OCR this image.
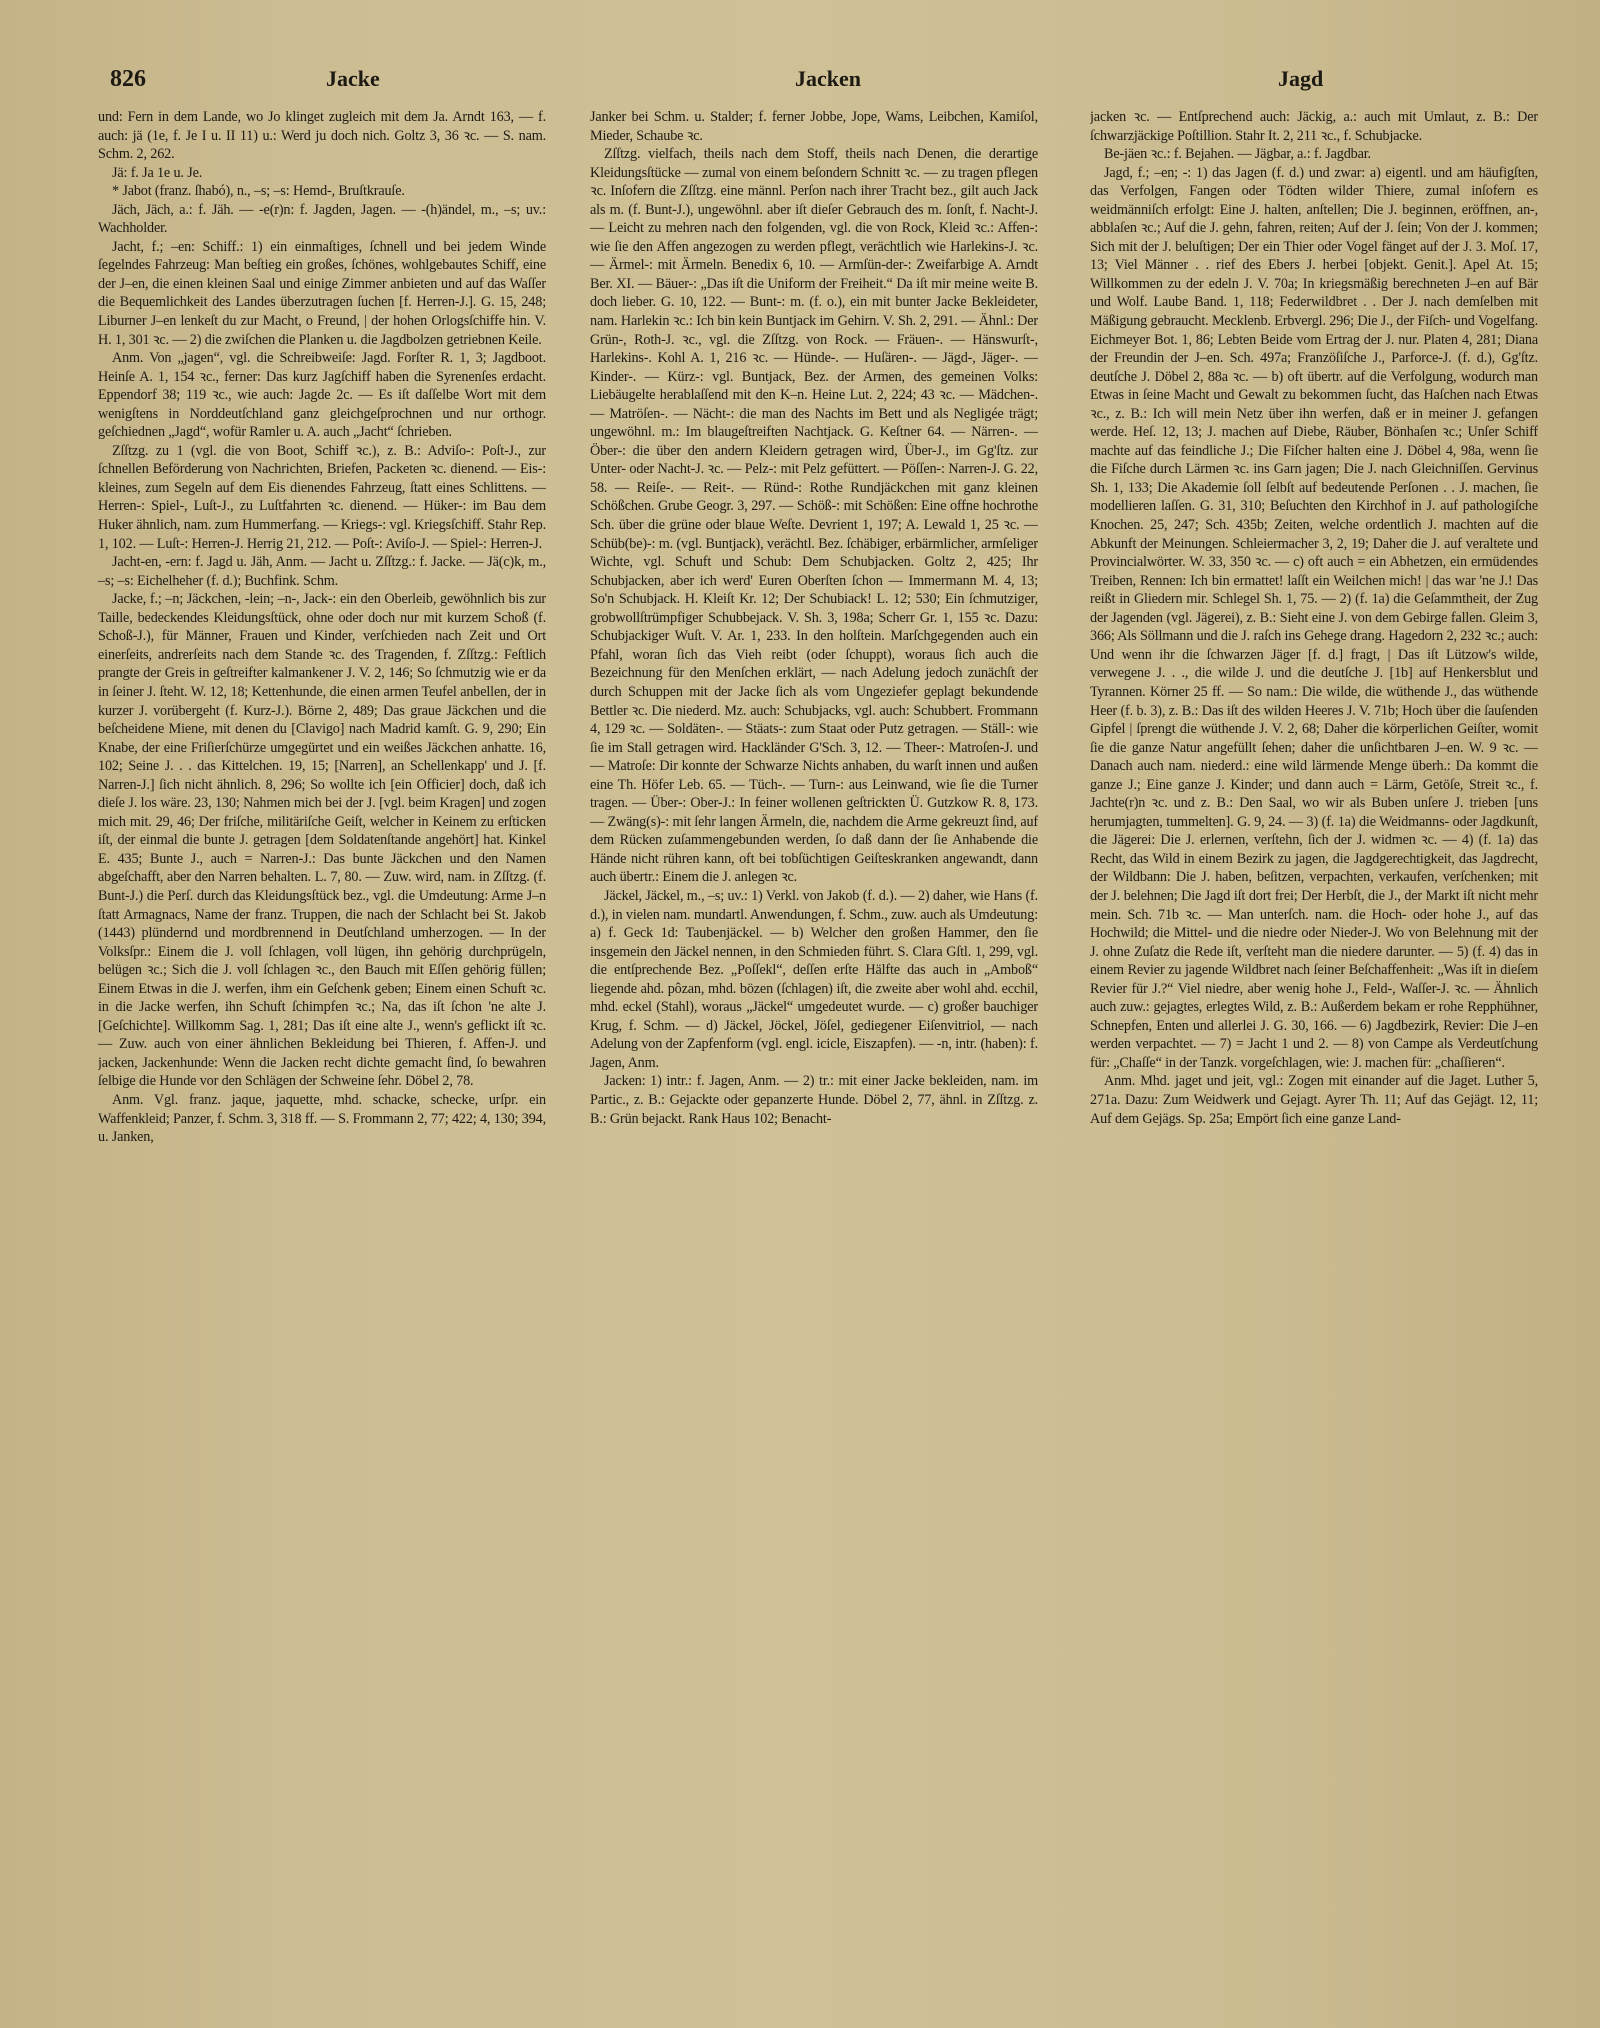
826	Jacke	Jacken	Jagd

und: Fern in dem Lande, wo Jo klinget zugleich mit dem Ja. Arndt 163, — f. auch: jä (1e, f. Je I u. II 11) u.: Werd ju doch nich. Goltz 3, 36 ꝛc. — S. nam. Schm. 2, 262.

Jä: f. Ja 1e u. Je.

* Jabot (franz. ſhabó), n., –s; –s: Hemd-, Bruſtkrauſe.

Jäch, Jäch, a.: f. Jäh. — -e(r)n: f. Jagden, Jagen. — -(h)ändel, m., –s; uv.: Wachholder.

Jacht, f.; –en: Schiff.: 1) ein einmaſtiges, ſchnell und bei jedem Winde ſegelndes Fahrzeug: Man beſtieg ein großes, ſchönes, wohlgebautes Schiff, eine der J–en, die einen kleinen Saal und einige Zimmer anbieten und auf das Waſſer die Bequemlichkeit des Landes überzutragen ſuchen [f. Herren-J.]. G. 15, 248; Liburner J–en lenkeſt du zur Macht, o Freund, | der hohen Orlogsſchiffe hin. V. H. 1, 301 ꝛc. — 2) die zwiſchen die Planken u. die Jagdbolzen getriebnen Keile.

Anm. Von „jagen“, vgl. die Schreibweiſe: Jagd. Forſter R. 1, 3; Jagdboot. Heinſe A. 1, 154 ꝛc., ferner: Das kurz Jagſchiff haben die Syrenenſes erdacht. Eppendorf 38; 119 ꝛc., wie auch: Jagde 2c. — Es iſt daſſelbe Wort mit dem wenigſtens in Norddeutſchland ganz gleichgeſprochnen und nur orthogr. geſchiednen „Jagd“, wofür Ramler u. A. auch „Jacht“ ſchrieben.

Zſſtzg. zu 1 (vgl. die von Boot, Schiff ꝛc.), z. B.: Adviſo-: Poſt-J., zur ſchnellen Beförderung von Nachrichten, Briefen, Packeten ꝛc. dienend. — Eis-: kleines, zum Segeln auf dem Eis dienendes Fahrzeug, ſtatt eines Schlittens. — Herren-: Spiel-, Luſt-J., zu Luſtfahrten ꝛc. dienend. — Hüker-: im Bau dem Huker ähnlich, nam. zum Hummerfang. — Kriegs-: vgl. Kriegsſchiff. Stahr Rep. 1, 102. — Luſt-: Herren-J. Herrig 21, 212. — Poſt-: Aviſo-J. — Spiel-: Herren-J.

Jacht-en, -ern: f. Jagd u. Jäh, Anm. — Jacht u. Zſſtzg.: f. Jacke. — Jä(c)k, m., –s; –s: Eichelheher (f. d.); Buchfink. Schm.

Jacke, f.; –n; Jäckchen, -lein; –n-, Jack-: ein den Oberleib, gewöhnlich bis zur Taille, bedeckendes Kleidungsſtück, ohne oder doch nur mit kurzem Schoß (f. Schoß-J.), für Männer, Frauen und Kinder, verſchieden nach Zeit und Ort einerſeits, andrerſeits nach dem Stande ꝛc. des Tragenden, f. Zſſtzg.: Feſtlich prangte der Greis in geſtreifter kalmankener J. V. 2, 146; So ſchmutzig wie er da in ſeiner J. ſteht. W. 12, 18; Kettenhunde, die einen armen Teufel anbellen, der in kurzer J. vorübergeht (f. Kurz-J.). Börne 2, 489; Das graue Jäckchen und die beſcheidene Miene, mit denen du [Clavigo] nach Madrid kamſt. G. 9, 290; Ein Knabe, der eine Friſierſchürze umgegürtet und ein weißes Jäckchen anhatte. 16, 102; Seine J. . . das Kittelchen. 19, 15; [Narren], an Schellenkapp' und J. [f. Narren-J.] ſich nicht ähnlich. 8, 296; So wollte ich [ein Officier] doch, daß ich dieſe J. los wäre. 23, 130; Nahmen mich bei der J. [vgl. beim Kragen] und zogen mich mit. 29, 46; Der friſche, militäriſche Geiſt, welcher in Keinem zu erſticken iſt, der einmal die bunte J. getragen [dem Soldatenſtande angehört] hat. Kinkel E. 435; Bunte J., auch = Narren-J.: Das bunte Jäckchen und den Namen abgeſchafft, aber den Narren behalten. L. 7, 80. — Zuw. wird, nam. in Zſſtzg. (f. Bunt-J.) die Perſ. durch das Kleidungsſtück bez., vgl. die Umdeutung: Arme J–n ſtatt Armagnacs, Name der franz. Truppen, die nach der Schlacht bei St. Jakob (1443) plündernd und mordbrennend in Deutſchland umherzogen. — In der Volksſpr.: Einem die J. voll ſchlagen, voll lügen, ihn gehörig durchprügeln, belügen ꝛc.; Sich die J. voll ſchlagen ꝛc., den Bauch mit Eſſen gehörig füllen; Einem Etwas in die J. werfen, ihm ein Geſchenk geben; Einem einen Schuft ꝛc. in die Jacke werfen, ihn Schuft ſchimpfen ꝛc.; Na, das iſt ſchon 'ne alte J. [Geſchichte]. Willkomm Sag. 1, 281; Das iſt eine alte J., wenn's geflickt iſt ꝛc. — Zuw. auch von einer ähnlichen Bekleidung bei Thieren, f. Affen-J. und jacken, Jackenhunde: Wenn die Jacken recht dichte gemacht ſind, ſo bewahren ſelbige die Hunde vor den Schlägen der Schweine ſehr. Döbel 2, 78.

Anm. Vgl. franz. jaque, jaquette, mhd. schacke, schecke, urſpr. ein Waffenkleid; Panzer, f. Schm. 3, 318 ff. — S. Frommann 2, 77; 422; 4, 130; 394, u. Janken,

Janker bei Schm. u. Stalder; f. ferner Jobbe, Jope, Wams, Leibchen, Kamiſol, Mieder, Schaube ꝛc.

Zſſtzg. vielfach, theils nach dem Stoff, theils nach Denen, die derartige Kleidungsſtücke — zumal von einem beſondern Schnitt ꝛc. — zu tragen pflegen ꝛc. Inſofern die Zſſtzg. eine männl. Perſon nach ihrer Tracht bez., gilt auch Jack als m. (f. Bunt-J.), ungewöhnl. aber iſt dieſer Gebrauch des m. ſonſt, f. Nacht-J. — Leicht zu mehren nach den folgenden, vgl. die von Rock, Kleid ꝛc.: Affen-: wie ſie den Affen angezogen zu werden pflegt, verächtlich wie Harlekins-J. ꝛc. — Ärmel-: mit Ärmeln. Benedix 6, 10. — Armſün-der-: Zweifarbige A. Arndt Ber. XI. — Bäuer-: „Das iſt die Uniform der Freiheit.“ Da iſt mir meine weite B. doch lieber. G. 10, 122. — Bunt-: m. (f. o.), ein mit bunter Jacke Bekleideter, nam. Harlekin ꝛc.: Ich bin kein Buntjack im Gehirn. V. Sh. 2, 291. — Ähnl.: Der Grün-, Roth-J. ꝛc., vgl. die Zſſtzg. von Rock. — Fräuen-. — Hänswurſt-, Harlekins-. Kohl A. 1, 216 ꝛc. — Hünde-. — Huſären-. — Jägd-, Jäger-. — Kinder-. — Kürz-: vgl. Buntjack, Bez. der Armen, des gemeinen Volks: Liebäugelte herablaſſend mit den K–n. Heine Lut. 2, 224; 43 ꝛc. — Mädchen-. — Matröſen-. — Nächt-: die man des Nachts im Bett und als Negligée trägt; ungewöhnl. m.: Im blaugeſtreiften Nachtjack. G. Keſtner 64. — Närren-. — Öber-: die über den andern Kleidern getragen wird, Über-J., im Gg'ſtz. zur Unter- oder Nacht-J. ꝛc. — Pelz-: mit Pelz gefüttert. — Pöſſen-: Narren-J. G. 22, 58. — Reiſe-. — Reit-. — Ründ-: Rothe Rundjäckchen mit ganz kleinen Schößchen. Grube Geogr. 3, 297. — Schöß-: mit Schößen: Eine offne hochrothe Sch. über die grüne oder blaue Weſte. Devrient 1, 197; A. Lewald 1, 25 ꝛc. — Schüb(be)-: m. (vgl. Buntjack), verächtl. Bez. ſchäbiger, erbärmlicher, armſeliger Wichte, vgl. Schuft und Schub: Dem Schubjacken. Goltz 2, 425; Ihr Schubjacken, aber ich werd' Euren Oberſten ſchon — Immermann M. 4, 13; So'n Schubjack. H. Kleiſt Kr. 12; Der Schubiack! L. 12; 530; Ein ſchmutziger, grobwollſtrümpfiger Schubbejack. V. Sh. 3, 198a; Scherr Gr. 1, 155 ꝛc. Dazu: Schubjackiger Wuſt. V. Ar. 1, 233. In den holſtein. Marſchgegenden auch ein Pfahl, woran ſich das Vieh reibt (oder ſchuppt), woraus ſich auch die Bezeichnung für den Menſchen erklärt, — nach Adelung jedoch zunächſt der durch Schuppen mit der Jacke ſich als vom Ungeziefer geplagt bekundende Bettler ꝛc. Die niederd. Mz. auch: Schubjacks, vgl. auch: Schubbert. Frommann 4, 129 ꝛc. — Soldäten-. — Stäats-: zum Staat oder Putz getragen. — Ställ-: wie ſie im Stall getragen wird. Hackländer G'Sch. 3, 12. — Theer-: Matroſen-J. und — Matroſe: Dir konnte der Schwarze Nichts anhaben, du warſt innen und außen eine Th. Höfer Leb. 65. — Tüch-. — Turn-: aus Leinwand, wie ſie die Turner tragen. — Über-: Ober-J.: In feiner wollenen geſtrickten Ü. Gutzkow R. 8, 173. — Zwäng(s)-: mit ſehr langen Ärmeln, die, nachdem die Arme gekreuzt ſind, auf dem Rücken zuſammengebunden werden, ſo daß dann der ſie Anhabende die Hände nicht rühren kann, oft bei tobſüchtigen Geiſteskranken angewandt, dann auch übertr.: Einem die J. anlegen ꝛc.

Jäckel, Jäckel, m., –s; uv.: 1) Verkl. von Jakob (f. d.). — 2) daher, wie Hans (f. d.), in vielen nam. mundartl. Anwendungen, f. Schm., zuw. auch als Umdeutung: a) f. Geck 1d: Taubenjäckel. — b) Welcher den großen Hammer, den ſie insgemein den Jäckel nennen, in den Schmieden führt. S. Clara Gſtl. 1, 299, vgl. die entſprechende Bez. „Poſſekl“, deſſen erſte Hälfte das auch in „Amboß“ liegende ahd. pôzan, mhd. bözen (ſchlagen) iſt, die zweite aber wohl ahd. ecchil, mhd. eckel (Stahl), woraus „Jäckel“ umgedeutet wurde. — c) großer bauchiger Krug, f. Schm. — d) Jäckel, Jöckel, Jöſel, gediegener Eiſenvitriol, — nach Adelung von der Zapfenform (vgl. engl. icicle, Eiszapfen). — -n, intr. (haben): f. Jagen, Anm.

Jacken: 1) intr.: f. Jagen, Anm. — 2) tr.: mit einer Jacke bekleiden, nam. im Partic., z. B.: Gejackte oder gepanzerte Hunde. Döbel 2, 77, ähnl. in Zſſtzg. z. B.: Grün bejackt. Rank Haus 102; Benacht-

jacken ꝛc. — Entſprechend auch: Jäckig, a.: auch mit Umlaut, z. B.: Der ſchwarzjäckige Poſtillion. Stahr It. 2, 211 ꝛc., f. Schubjacke.

Be-jäen ꝛc.: f. Bejahen. — Jägbar, a.: f. Jagdbar.

Jagd, f.; –en; -: 1) das Jagen (f. d.) und zwar: a) eigentl. und am häufigſten, das Verfolgen, Fangen oder Tödten wilder Thiere, zumal inſofern es weidmänniſch erfolgt: Eine J. halten, anſtellen; Die J. beginnen, eröffnen, an-, abblaſen ꝛc.; Auf die J. gehn, fahren, reiten; Auf der J. ſein; Von der J. kommen; Sich mit der J. beluſtigen; Der ein Thier oder Vogel fänget auf der J. 3. Moſ. 17, 13; Viel Männer . . rief des Ebers J. herbei [objekt. Genit.]. Apel At. 15; Willkommen zu der edeln J. V. 70a; In kriegsmäßig berechneten J–en auf Bär und Wolf. Laube Band. 1, 118; Federwildbret . . Der J. nach demſelben mit Mäßigung gebraucht. Mecklenb. Erbvergl. 296; Die J., der Fiſch- und Vogelfang. Eichmeyer Bot. 1, 86; Lebten Beide vom Ertrag der J. nur. Platen 4, 281; Diana der Freundin der J–en. Sch. 497a; Franzöſiſche J., Parforce-J. (f. d.), Gg'ſtz. deutſche J. Döbel 2, 88a ꝛc. — b) oft übertr. auf die Verfolgung, wodurch man Etwas in ſeine Macht und Gewalt zu bekommen ſucht, das Haſchen nach Etwas ꝛc., z. B.: Ich will mein Netz über ihn werfen, daß er in meiner J. gefangen werde. Heſ. 12, 13; J. machen auf Diebe, Räuber, Bönhaſen ꝛc.; Unſer Schiff machte auf das feindliche J.; Die Fiſcher halten eine J. Döbel 4, 98a, wenn ſie die Fiſche durch Lärmen ꝛc. ins Garn jagen; Die J. nach Gleichniſſen. Gervinus Sh. 1, 133; Die Akademie ſoll ſelbſt auf bedeutende Perſonen . . J. machen, ſie modellieren laſſen. G. 31, 310; Beſuchten den Kirchhof in J. auf pathologiſche Knochen. 25, 247; Sch. 435b; Zeiten, welche ordentlich J. machten auf die Abkunft der Meinungen. Schleiermacher 3, 2, 19; Daher die J. auf veraltete und Provincialwörter. W. 33, 350 ꝛc. — c) oft auch = ein Abhetzen, ein ermüdendes Treiben, Rennen: Ich bin ermattet! laſſt ein Weilchen mich! | das war 'ne J.! Das reißt in Gliedern mir. Schlegel Sh. 1, 75. — 2) (f. 1a) die Geſammtheit, der Zug der Jagenden (vgl. Jägerei), z. B.: Sieht eine J. von dem Gebirge fallen. Gleim 3, 366; Als Söllmann und die J. raſch ins Gehege drang. Hagedorn 2, 232 ꝛc.; auch: Und wenn ihr die ſchwarzen Jäger [f. d.] fragt, | Das iſt Lützow's wilde, verwegene J. . ., die wilde J. und die deutſche J. [1b] auf Henkersblut und Tyrannen. Körner 25 ff. — So nam.: Die wilde, die wüthende J., das wüthende Heer (f. b. 3), z. B.: Das iſt des wilden Heeres J. V. 71b; Hoch über die ſauſenden Gipfel | ſprengt die wüthende J. V. 2, 68; Daher die körperlichen Geiſter, womit ſie die ganze Natur angefüllt ſehen; daher die unſichtbaren J–en. W. 9 ꝛc. — Danach auch nam. niederd.: eine wild lärmende Menge überh.: Da kommt die ganze J.; Eine ganze J. Kinder; und dann auch = Lärm, Getöſe, Streit ꝛc., f. Jachte(r)n ꝛc. und z. B.: Den Saal, wo wir als Buben unſere J. trieben [uns herumjagten, tummelten]. G. 9, 24. — 3) (f. 1a) die Weidmanns- oder Jagdkunſt, die Jägerei: Die J. erlernen, verſtehn, ſich der J. widmen ꝛc. — 4) (f. 1a) das Recht, das Wild in einem Bezirk zu jagen, die Jagdgerechtigkeit, das Jagdrecht, der Wildbann: Die J. haben, beſitzen, verpachten, verkaufen, verſchenken; mit der J. belehnen; Die Jagd iſt dort frei; Der Herbſt, die J., der Markt iſt nicht mehr mein. Sch. 71b ꝛc. — Man unterſch. nam. die Hoch- oder hohe J., auf das Hochwild; die Mittel- und die niedre oder Nieder-J. Wo von Belehnung mit der J. ohne Zuſatz die Rede iſt, verſteht man die niedere darunter. — 5) (f. 4) das in einem Revier zu jagende Wildbret nach ſeiner Beſchaffenheit: „Was iſt in dieſem Revier für J.?“ Viel niedre, aber wenig hohe J., Feld-, Waſſer-J. ꝛc. — Ähnlich auch zuw.: gejagtes, erlegtes Wild, z. B.: Außerdem bekam er rohe Repphühner, Schnepfen, Enten und allerlei J. G. 30, 166. — 6) Jagdbezirk, Revier: Die J–en werden verpachtet. — 7) = Jacht 1 und 2. — 8) von Campe als Verdeutſchung für: „Chaſſe“ in der Tanzk. vorgeſchlagen, wie: J. machen für: „chaſſieren“.

Anm. Mhd. jaget und jeit, vgl.: Zogen mit einander auf die Jaget. Luther 5, 271a. Dazu: Zum Weidwerk und Gejagt. Ayrer Th. 11; Auf das Gejägt. 12, 11; Auf dem Gejägs. Sp. 25a; Empört ſich eine ganze Land-
